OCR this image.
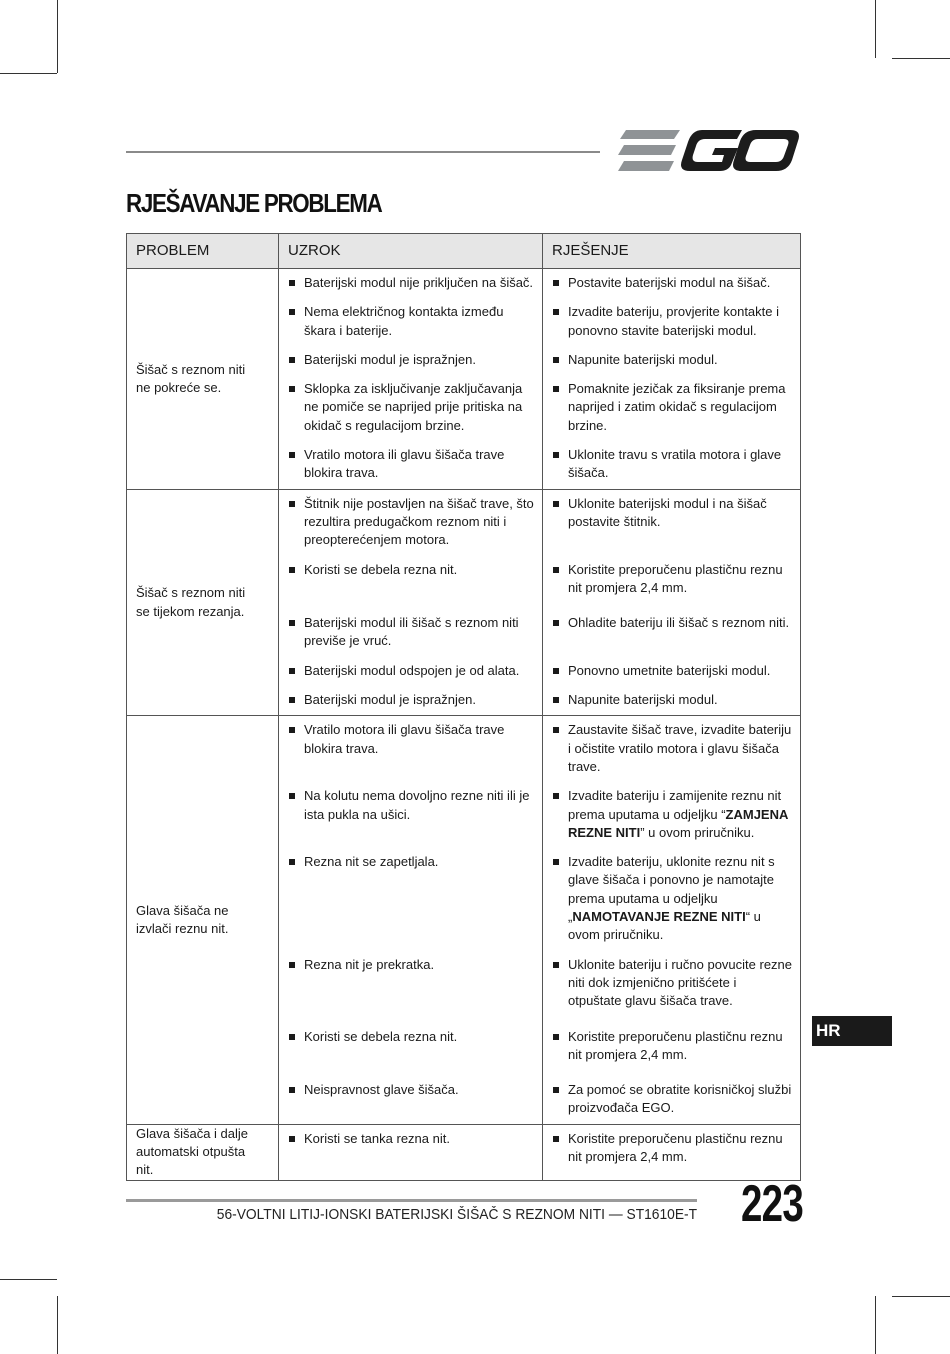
RJEŠAVANJE PROBLEMA
PROBLEM	UZROK	RJEŠENJE
Šišač s reznom niti ne pokreće se.	Baterijski modul nije priključen na šišač.	Postavite baterijski modul na šišač.

	Nema električnog kontakta između škara i baterije.	Izvadite bateriju, provjerite kontakte i ponovno stavite baterijski modul.

	Baterijski modul je ispražnjen.	Napunite baterijski modul.

	Sklopka za isključivanje zaključavanja ne pomiče se naprijed prije pritiska na okidač s regulacijom brzine.	Pomaknite jezičak za fiksiranje prema naprijed i zatim okidač s regulacijom brzine.

	Vratilo motora ili glavu šišača trave blokira trava.	Uklonite travu s vratila motora i glave šišača.

Šišač s reznom niti se tijekom rezanja.	Štitnik nije postavljen na šišač trave, što rezultira predugačkom reznom niti i preopterećenjem motora.	Uklonite baterijski modul i na šišač postavite štitnik.

	Koristi se debela rezna nit.	Koristite preporučenu plastičnu reznu nit promjera 2,4 mm.

	Baterijski modul ili šišač s reznom niti previše je vruć.	Ohladite bateriju ili šišač s reznom niti.

	Baterijski modul odspojen je od alata.	Ponovno umetnite baterijski modul.

	Baterijski modul je ispražnjen.	Napunite baterijski modul.

Glava šišača ne izvlači reznu nit.	Vratilo motora ili glavu šišača trave blokira trava.	Zaustavite šišač trave, izvadite bateriju i očistite vratilo motora i glavu šišača trave.

	Na kolutu nema dovoljno rezne niti ili je ista pukla na ušici.	Izvadite bateriju i zamijenite reznu nit prema uputama u odjeljku “ZAMJENA REZNE NITI” u ovom priručniku.

	Rezna nit se zapetljala.	Izvadite bateriju, uklonite reznu nit s glave šišača i ponovno je namotajte prema uputama u odjeljku „NAMOTAVANJE REZNE NITI“ u ovom priručniku.

	Rezna nit je prekratka.	Uklonite bateriju i ručno povucite rezne niti dok izmjenično pritišćete i otpuštate glavu šišača trave.

	Koristi se debela rezna nit.	Koristite preporučenu plastičnu reznu nit promjera 2,4 mm.

	Neispravnost glave šišača.	Za pomoć se obratite korisničkoj službi proizvođača EGO.

Glava šišača i dalje automatski otpušta nit.	Koristi se tanka rezna nit.	Koristite preporučenu plastičnu reznu nit promjera 2,4 mm.
HR
56-VOLTNI LITIJ-IONSKI BATERIJSKI ŠIŠAČ S REZNOM NITI — ST1610E-T 223
